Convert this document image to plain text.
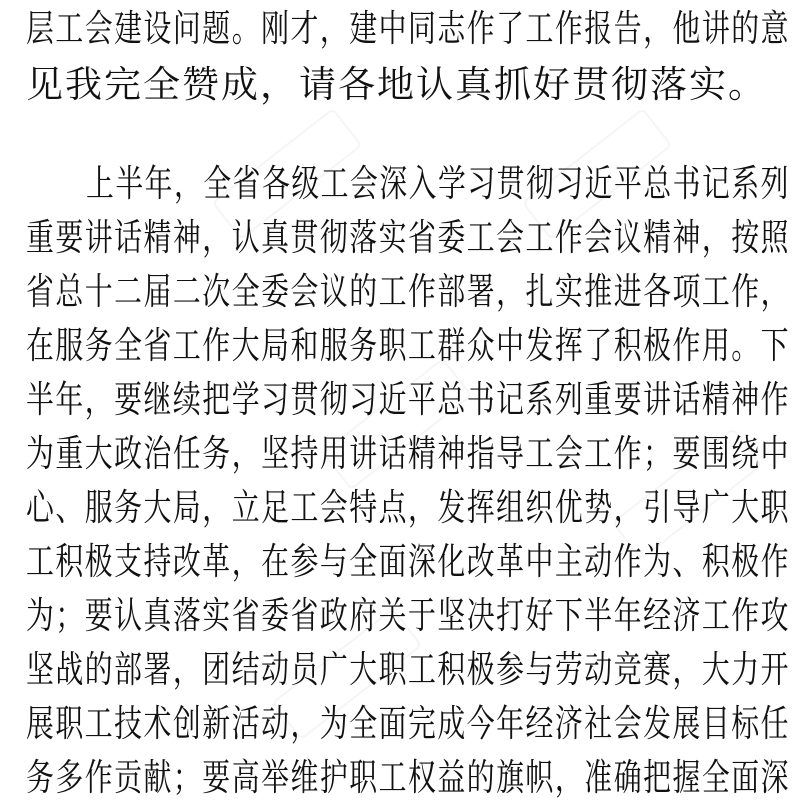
层工会建设问题。刚才，建中同志作了工作报告，他讲的意
见我完全赞成，请各地认真抓好贯彻落实。
上半年，全省各级工会深入学习贯彻习近平总书记系列
重要讲话精神，认真贯彻落实省委工会工作会议精神，按照
省总十二届二次全委会议的工作部署，扎实推进各项工作，
在服务全省工作大局和服务职工群众中发挥了积极作用。下
半年，要继续把学习贯彻习近平总书记系列重要讲话精神作
为重大政治任务，坚持用讲话精神指导工会工作；要围绕中
心、服务大局，立足工会特点，发挥组织优势，引导广大职
工积极支持改革，在参与全面深化改革中主动作为、积极作
为；要认真落实省委省政府关于坚决打好下半年经济工作攻
坚战的部署，团结动员广大职工积极参与劳动竞赛，大力开
展职工技术创新活动，为全面完成今年经济社会发展目标任
务多作贡献；要高举维护职工权益的旗帜，准确把握全面深
